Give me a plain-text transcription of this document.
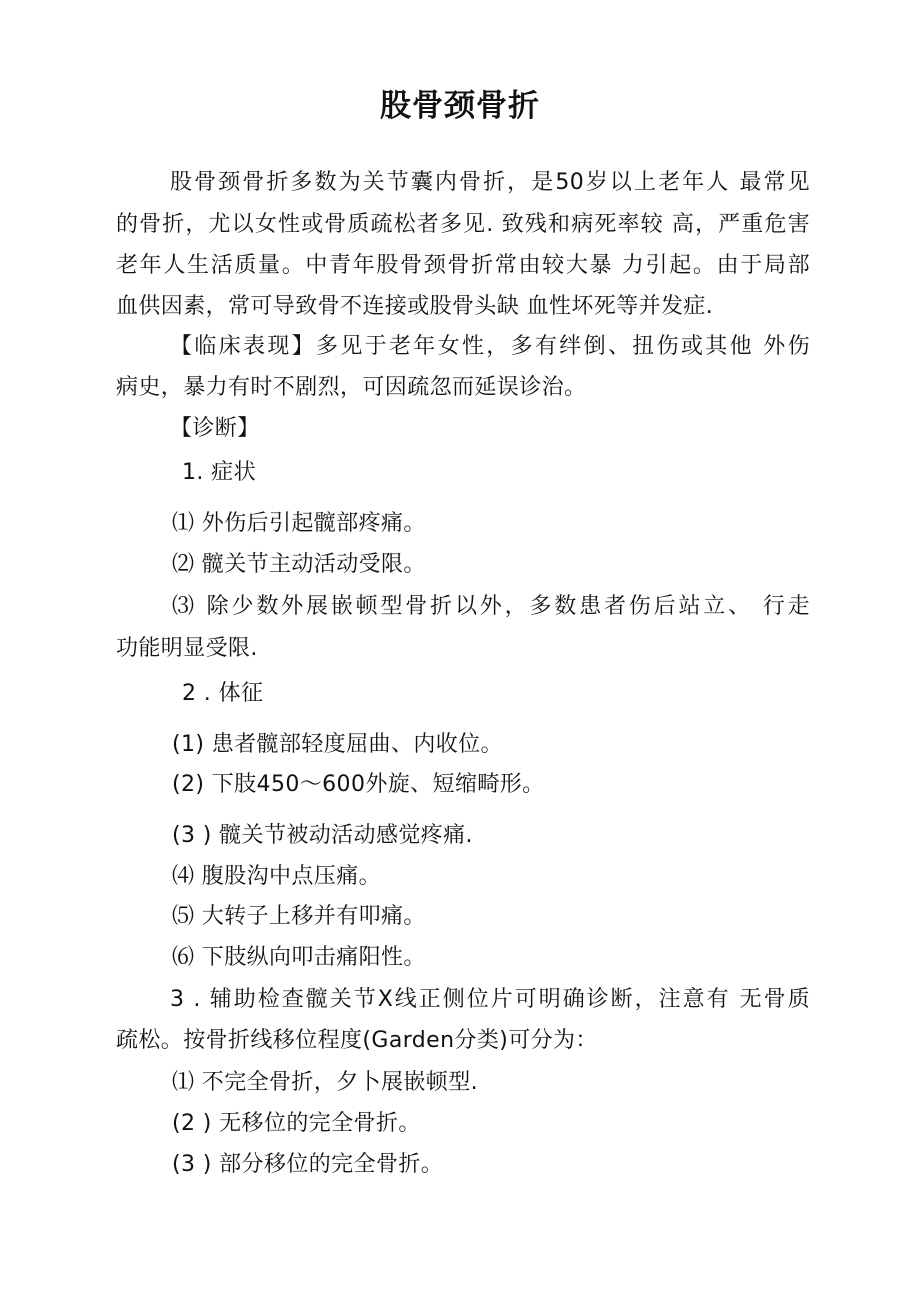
股骨颈骨折
股骨颈骨折多数为关节囊内骨折，是50岁以上老年人 最常见
的骨折，尤以女性或骨质疏松者多见. 致残和病死率较 高，严重危害
老年人生活质量。中青年股骨颈骨折常由较大暴 力引起。由于局部
血供因素，常可导致骨不连接或股骨头缺 血性坏死等并发症.
【临床表现】多见于老年女性，多有绊倒、扭伤或其他 外伤
病史，暴力有时不剧烈，可因疏忽而延误诊治。
【诊断】
1. 症状
⑴ 外伤后引起髋部疼痛。
⑵ 髋关节主动活动受限。
⑶ 除少数外展嵌顿型骨折以外，多数患者伤后站立、 行走
功能明显受限.
2 . 体征
(1) 患者髋部轻度屈曲、内收位。
(2) 下肢450～600外旋、短缩畸形。
(3 ) 髋关节被动活动感觉疼痛.
⑷ 腹股沟中点压痛。
⑸ 大转子上移并有叩痛。
⑹ 下肢纵向叩击痛阳性。
3 . 辅助检查髋关节X线正侧位片可明确诊断，注意有 无骨质
疏松。按骨折线移位程度(Garden分类)可分为：
⑴ 不完全骨折，夕卜展嵌顿型.
(2 ) 无移位的完全骨折。
(3 ) 部分移位的完全骨折。
